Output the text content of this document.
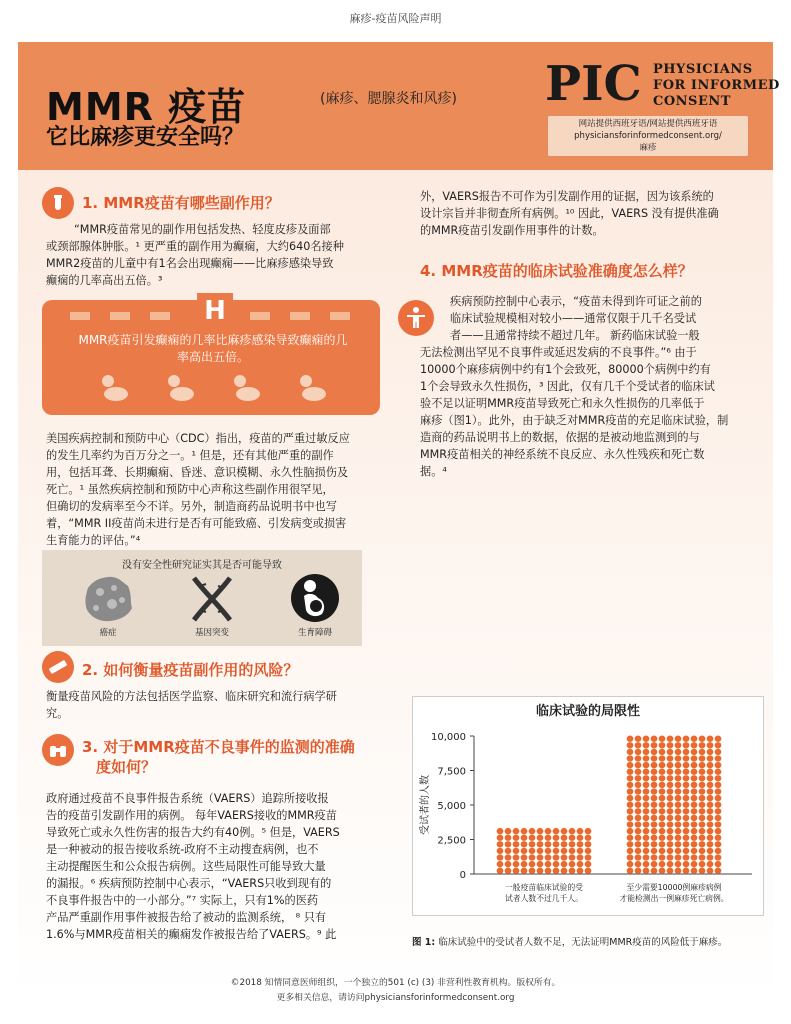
麻疹-疫苗风险声明
MMR 疫苗
它比麻疹更安全吗？
(麻疹、腮腺炎和风疹) PIC PHYSICIANS
FOR INFORMED
CONSENT
网站提供西班牙语/网站提供西班牙语
physiciansforinformedconsent.org/
麻疹
1. MMR疫苗有哪些副作用？
“MMR疫苗常见的副作用包括发热、轻度皮疹及面部
或颈部腺体肿胀。¹ 更严重的副作用为癫痫，大约640名接种
MMR2疫苗的儿童中有1名会出现癫痫——比麻疹感染导致
癫痫的几率高出五倍。³
H
MMR疫苗引发癫痫的几率比麻疹感染导致癫痫的几率高出五倍。
美国疾病控制和预防中心（CDC）指出，疫苗的严重过敏反应
的发生几率约为百万分之一。¹ 但是，还有其他严重的副作
用，包括耳聋、长期癫痫、昏迷、意识模糊、永久性脑损伤及
死亡。¹ 虽然疾病控制和预防中心声称这些副作用很罕见，
但确切的发病率至今不详。另外，制造商药品说明书中也写
着，“MMR II疫苗尚未进行是否有可能致癌、引发病变或损害
生育能力的评估。”⁴
没有安全性研究证实其是否可能导致
癌症	基因突变	生育障碍
2. 如何衡量疫苗副作用的风险？
衡量疫苗风险的方法包括医学监察、临床研究和流行病学研
究。
3. 对于MMR疫苗不良事件的监测的准确
度如何？
政府通过疫苗不良事件报告系统（VAERS）追踪所接收报
告的疫苗引发副作用的病例。 每年VAERS接收的MMR疫苗
导致死亡或永久性伤害的报告大约有40例。⁵ 但是，VAERS
是一种被动的报告接收系统-政府不主动搜查病例，也不
主动提醒医生和公众报告病例。这些局限性可能导致大量
的漏报。⁶ 疾病预防控制中心表示，“VAERS只收到现有的
不良事件报告中的一小部分。”⁷ 实际上，只有1%的医药
产品严重副作用事件被报告给了被动的监测系统， ⁸ 只有
1.6%与MMR疫苗相关的癫痫发作被报告给了VAERS。⁹ 此
外，VAERS报告不可作为引发副作用的证据，因为该系统的
设计宗旨并非彻查所有病例。¹⁰ 因此，VAERS 没有提供准确
的MMR疫苗引发副作用事件的计数。
4. MMR疫苗的临床试验准确度怎么样？
疾病预防控制中心表示，“疫苗未得到许可证之前的
临床试验规模相对较小——通常仅限于几千名受试
者——且通常持续不超过几年。 新药临床试验一般
无法检测出罕见不良事件或延迟发病的不良事件。”⁶ 由于
10000个麻疹病例中约有1个会致死，80000个病例中约有
1个会导致永久性损伤，³ 因此，仅有几千个受试者的临床试
验不足以证明MMR疫苗导致死亡和永久性损伤的几率低于
麻疹（图1）。此外，由于缺乏对MMR疫苗的充足临床试验，制
造商的药品说明书上的数据，依据的是被动地监测到的与
MMR疫苗相关的神经系统不良反应、永久性残疾和死亡数
据。⁴
临床试验的局限性
受试者的人数
0
2,500
5,000
7,500
10,000
一般疫苗临床试验的受
试者人数不过几千人。
至少需要10000例麻疹病例
才能检测出一例麻疹死亡病例。
图 1: 临床试验中的受试者人数不足，无法证明MMR疫苗的风险低于麻疹。
©2018 知情同意医师组织，一个独立的501 (c) (3) 非营利性教育机构。版权所有。
更多相关信息，请访问physiciansforinformedconsent.org
